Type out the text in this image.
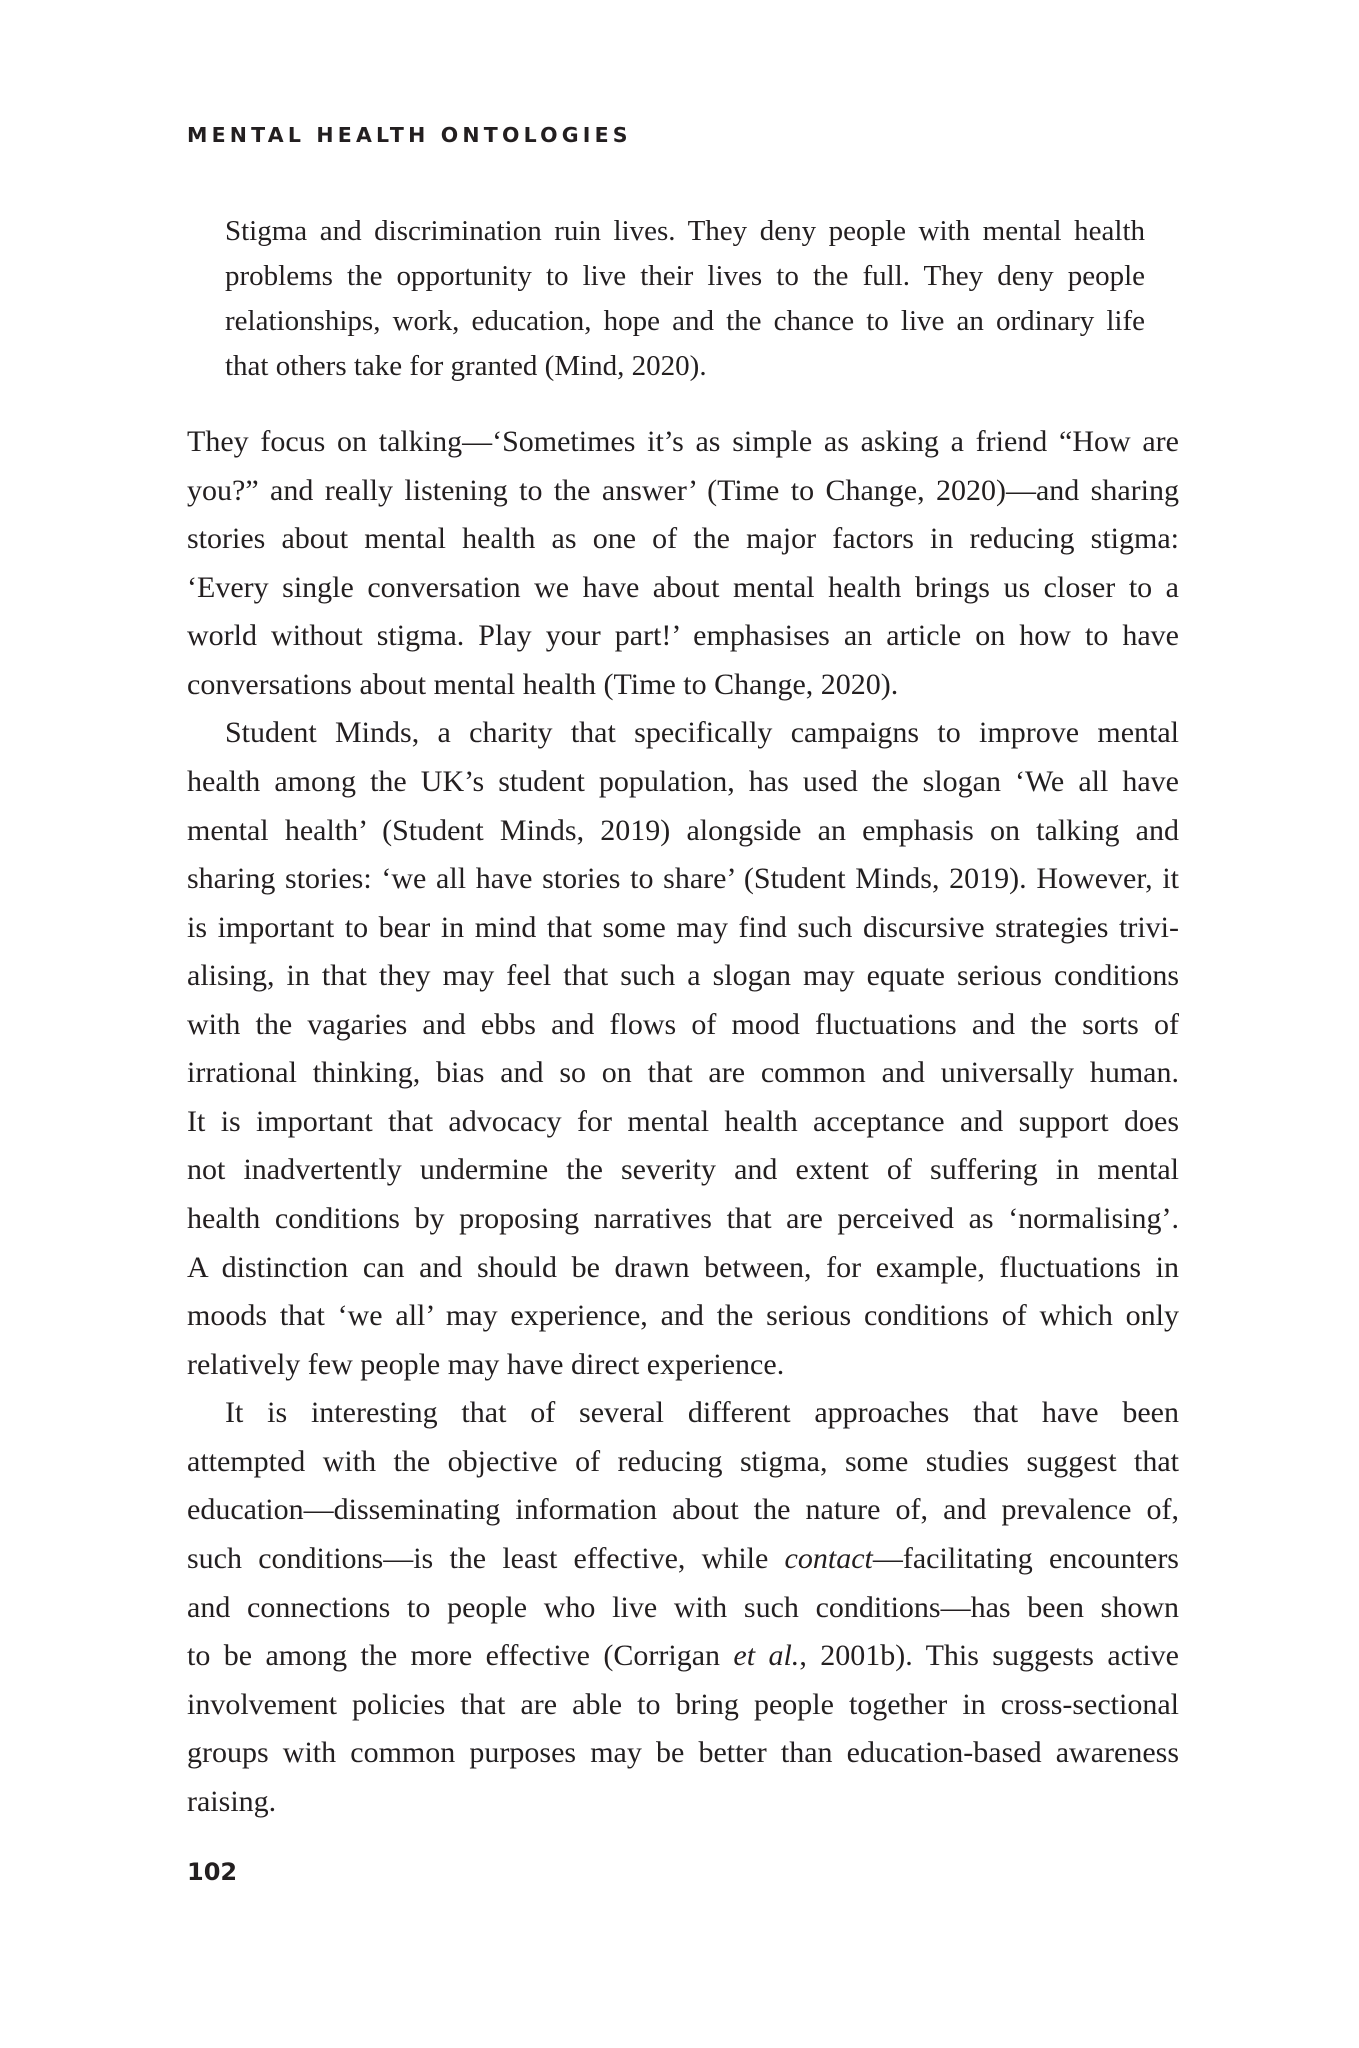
MENTAL HEALTH ONTOLOGIES
Stigma and discrimination ruin lives. They deny people with mental health
problems the opportunity to live their lives to the full. They deny people
relationships, work, education, hope and the chance to live an ordinary life
that others take for granted (Mind, 2020).
They focus on talking—‘Sometimes it’s as simple as asking a friend “How are
you?” and really listening to the answer’ (Time to Change, 2020)—and sharing
stories about mental health as one of the major factors in reducing stigma:
‘Every single conversation we have about mental health brings us closer to a
world without stigma. Play your part!’ emphasises an article on how to have
conversations about mental health (Time to Change, 2020).
Student Minds, a charity that specifically campaigns to improve mental
health among the UK’s student population, has used the slogan ‘We all have
mental health’ (Student Minds, 2019) alongside an emphasis on talking and
sharing stories: ‘we all have stories to share’ (Student Minds, 2019). However, it
is important to bear in mind that some may find such discursive strategies trivi-
alising, in that they may feel that such a slogan may equate serious conditions
with the vagaries and ebbs and flows of mood fluctuations and the sorts of
irrational thinking, bias and so on that are common and universally human.
It is important that advocacy for mental health acceptance and support does
not inadvertently undermine the severity and extent of suffering in mental
health conditions by proposing narratives that are perceived as ‘normalising’.
A distinction can and should be drawn between, for example, fluctuations in
moods that ‘we all’ may experience, and the serious conditions of which only
relatively few people may have direct experience.
It is interesting that of several different approaches that have been
attempted with the objective of reducing stigma, some studies suggest that
education—disseminating information about the nature of, and prevalence of,
such conditions—is the least effective, while contact—facilitating encounters
and connections to people who live with such conditions—has been shown
to be among the more effective (Corrigan et al., 2001b). This suggests active
involvement policies that are able to bring people together in cross-sectional
groups with common purposes may be better than education-based awareness
raising.
102
